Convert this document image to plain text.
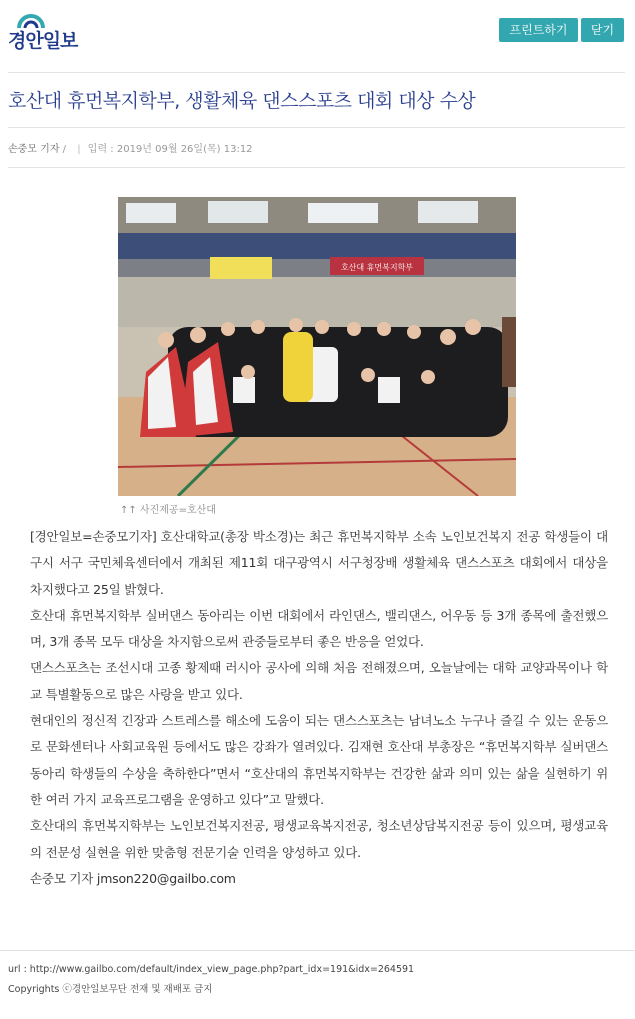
경안일보	프린트하기	닫기
호산대 휴먼복지학부, 생활체육 댄스스포츠 대회 대상 수상
손중모 기자 / | 입력 : 2019년 09월 26일(목) 13:12
호산대 휴먼복지학부
↑↑ 사진제공=호산대

[경안일보=손중모기자] 호산대학교(총장 박소경)는 최근 휴먼복지학부 소속 노인보건복지 전공 학생들이 대구시 서구 국민체육센터에서 개최된 제11회 대구광역시 서구청장배 생활체육 댄스스포츠 대회에서 대상을 차지했다고 25일 밝혔다.

호산대 휴먼복지학부 실버댄스 동아리는 이번 대회에서 라인댄스, 밸리댄스, 어우동 등 3개 종목에 출전했으며, 3개 종목 모두 대상을 차지함으로써 관중들로부터 좋은 반응을 얻었다.

댄스스포츠는 조선시대 고종 황제때 러시아 공사에 의해 처음 전해졌으며, 오늘날에는 대학 교양과목이나 학교 특별활동으로 많은 사랑을 받고 있다.

현대인의 정신적 긴장과 스트레스를 해소에 도움이 되는 댄스스포츠는 남녀노소 누구나 즐길 수 있는 운동으로 문화센터나 사회교육원 등에서도 많은 강좌가 열려있다. 김재현 호산대 부총장은 “휴먼복지학부 실버댄스 동아리 학생들의 수상을 축하한다”면서 “호산대의 휴먼복지학부는 건강한 삶과 의미 있는 삶을 실현하기 위한 여러 가지 교육프로그램을 운영하고 있다”고 말했다.

호산대의 휴먼복지학부는 노인보건복지전공, 평생교육복지전공, 청소년상담복지전공 등이 있으며, 평생교육의 전문성 실현을 위한 맞춤형 전문기술 인력을 양성하고 있다.

손중모 기자 jmson220@gailbo.com

url : http://www.gailbo.com/default/index_view_page.php?part_idx=191&idx=264591
Copyrights ⓒ경안일보무단 전재 및 재배포 금지
